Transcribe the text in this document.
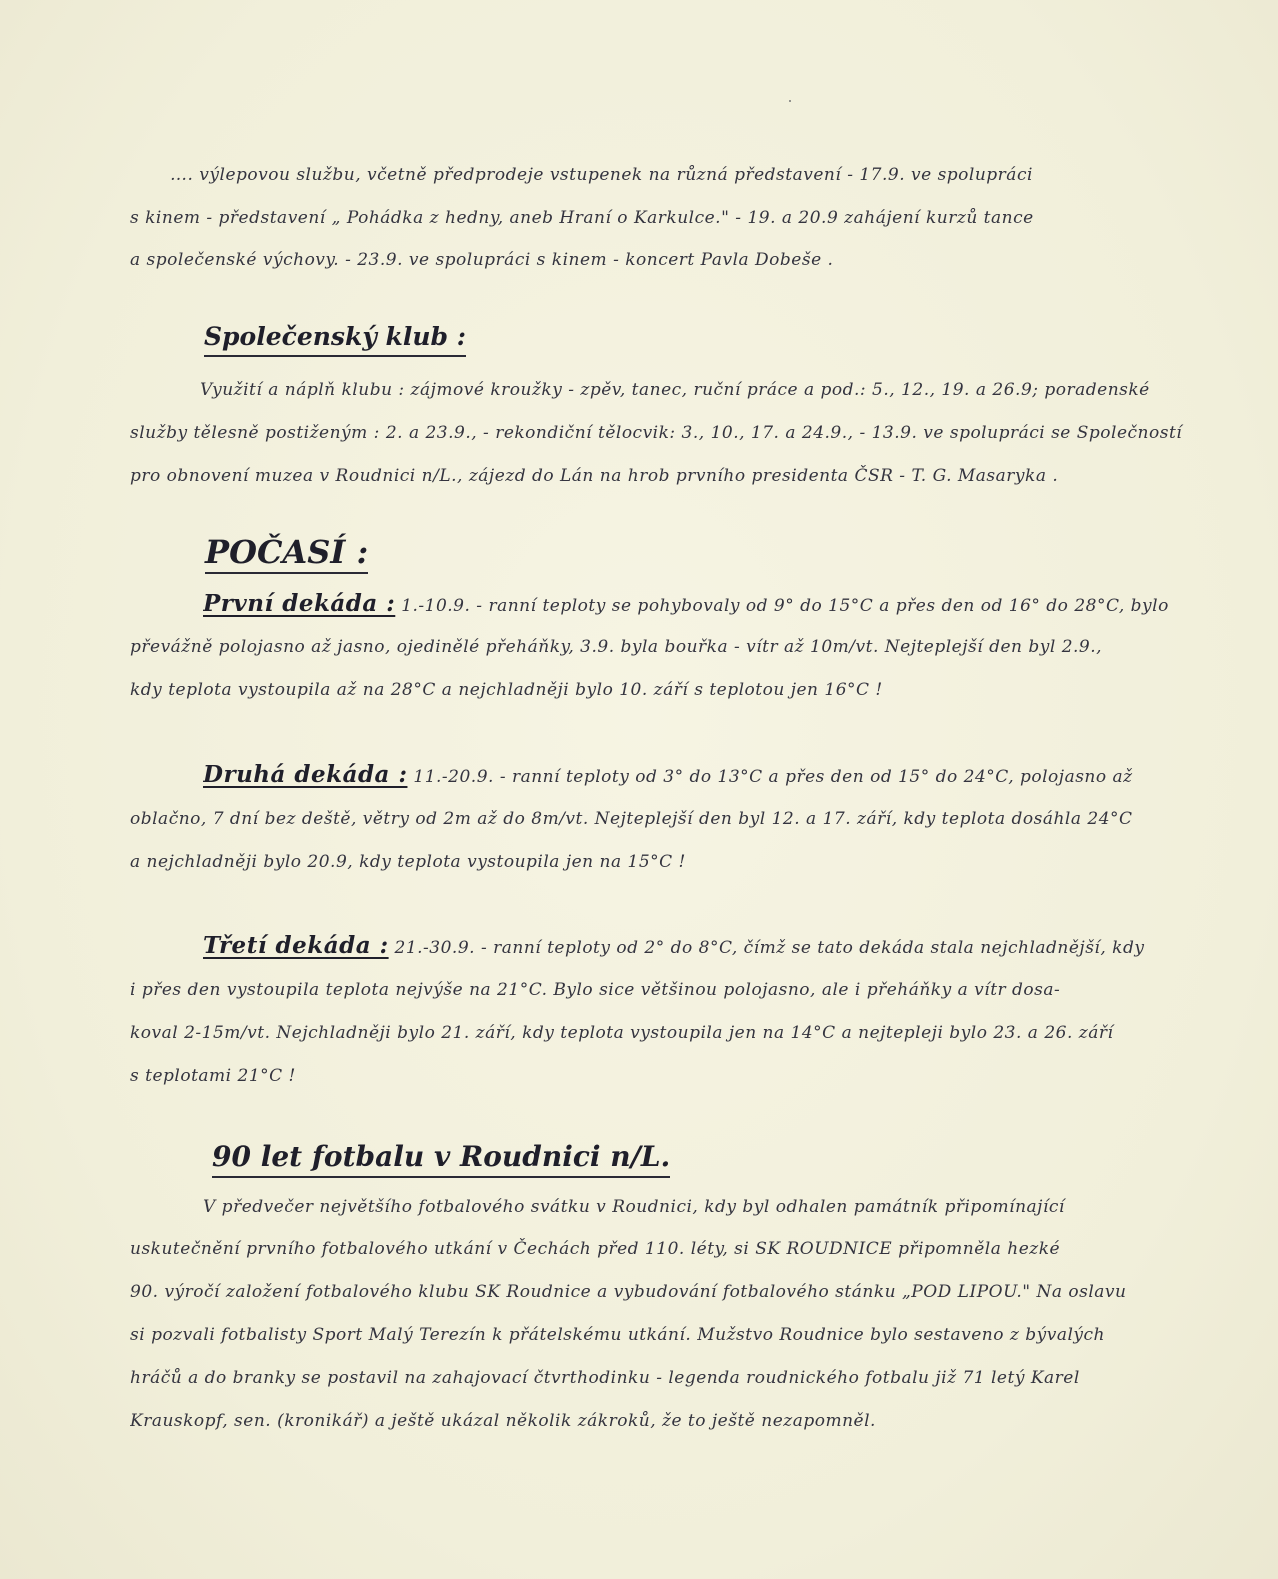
…. výlepovou službu, včetně předprodeje vstupenek na různá představení - 17.9. ve spolupráci
s kinem - představení „ Pohádka z hedny, aneb Hraní o Karkulce." - 19. a 20.9 zahájení kurzů tance
a společenské výchovy. - 23.9. ve spolupráci s kinem - koncert Pavla Dobeše .
Společenský klub :
Využití a náplň klubu : zájmové kroužky - zpěv, tanec, ruční práce a pod.: 5., 12., 19. a 26.9; poradenské
služby tělesně postiženým : 2. a 23.9., - rekondiční tělocvik: 3., 10., 17. a 24.9., - 13.9. ve spolupráci se Společností
pro obnovení muzea v Roudnici n/L., zájezd do Lán na hrob prvního presidenta ČSR - T. G. Masaryka .
POČASÍ :
První dekáda : 1.-10.9. - ranní teploty se pohybovaly od 9° do 15°C a přes den od 16° do 28°C, bylo
převážně polojasno až jasno, ojedinělé přeháňky, 3.9. byla bouřka - vítr až 10m/vt. Nejteplejší den byl 2.9.,
kdy teplota vystoupila až na 28°C a nejchladněji bylo 10. září s teplotou jen 16°C !
Druhá dekáda : 11.-20.9. - ranní teploty od 3° do 13°C a přes den od 15° do 24°C, polojasno až
oblačno, 7 dní bez deště, větry od 2m až do 8m/vt. Nejteplejší den byl 12. a 17. září, kdy teplota dosáhla 24°C
a nejchladněji bylo 20.9, kdy teplota vystoupila jen na 15°C !
Třetí dekáda : 21.-30.9. - ranní teploty od 2° do 8°C, čímž se tato dekáda stala nejchladnější, kdy
i přes den vystoupila teplota nejvýše na 21°C. Bylo sice většinou polojasno, ale i přeháňky a vítr dosa-
koval 2-15m/vt. Nejchladněji bylo 21. září, kdy teplota vystoupila jen na 14°C a nejtepleji bylo 23. a 26. září
s teplotami 21°C !
90 let fotbalu v Roudnici n/L.
V předvečer největšího fotbalového svátku v Roudnici, kdy byl odhalen památník připomínající
uskutečnění prvního fotbalového utkání v Čechách před 110. léty, si SK ROUDNICE připomněla hezké
90. výročí založení fotbalového klubu SK Roudnice a vybudování fotbalového stánku „POD LIPOU." Na oslavu
si pozvali fotbalisty Sport Malý Terezín k přátelskému utkání. Mužstvo Roudnice bylo sestaveno z bývalých
hráčů a do branky se postavil na zahajovací čtvrthodinku - legenda roudnického fotbalu již 71 letý Karel
Krauskopf, sen. (kronikář) a ještě ukázal několik zákroků, že to ještě nezapomněl.
